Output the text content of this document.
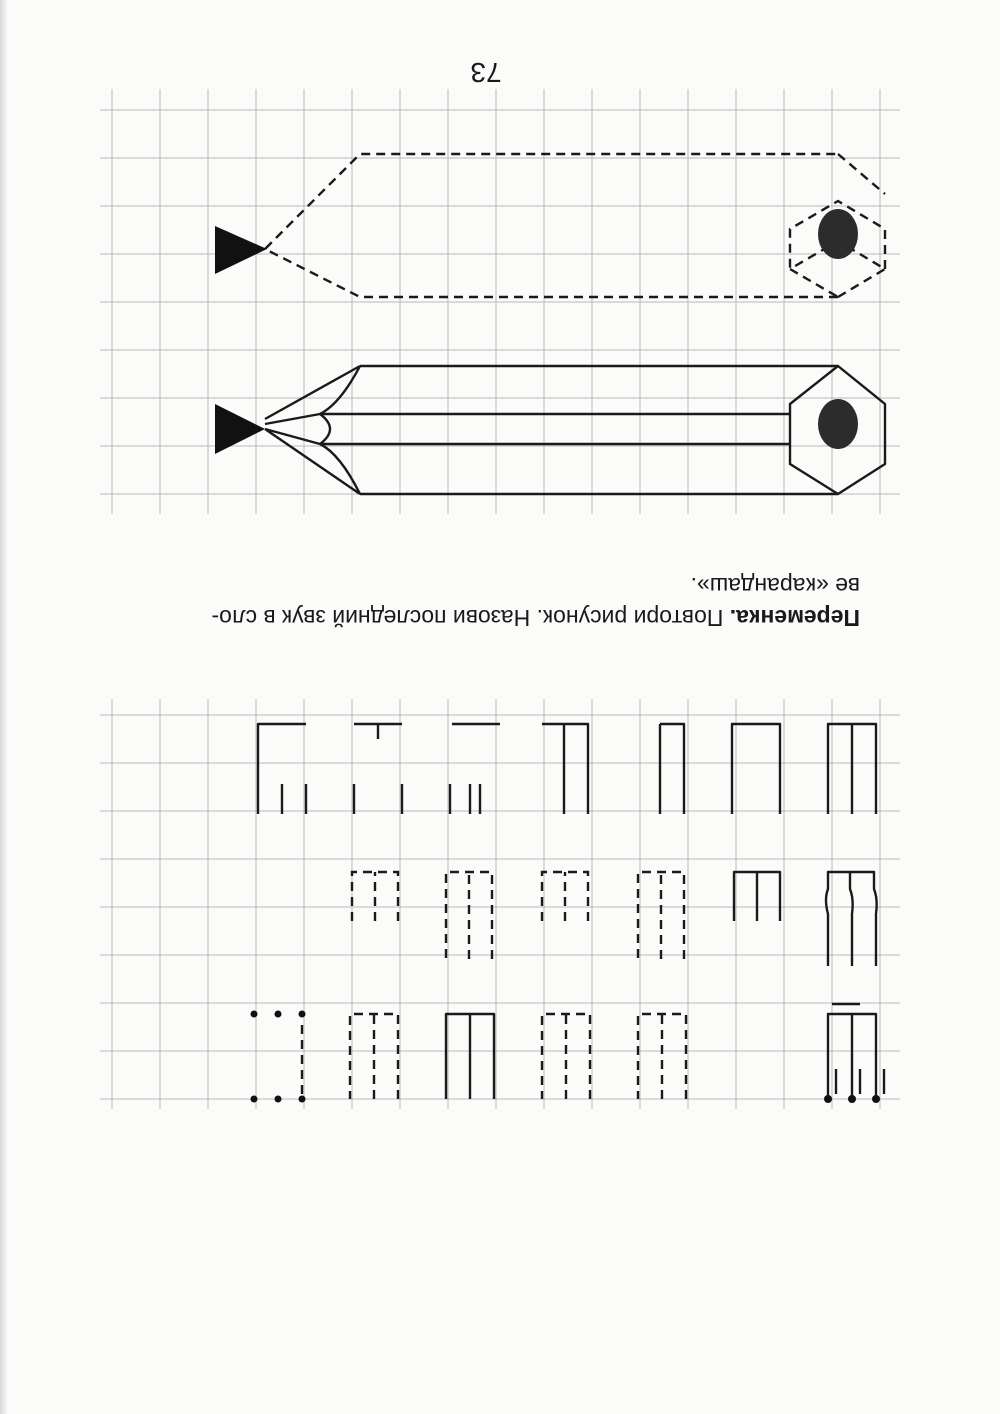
73
Переменка. Повтори рисунок. Назови последний звук в сло-
ве «карандаш».
